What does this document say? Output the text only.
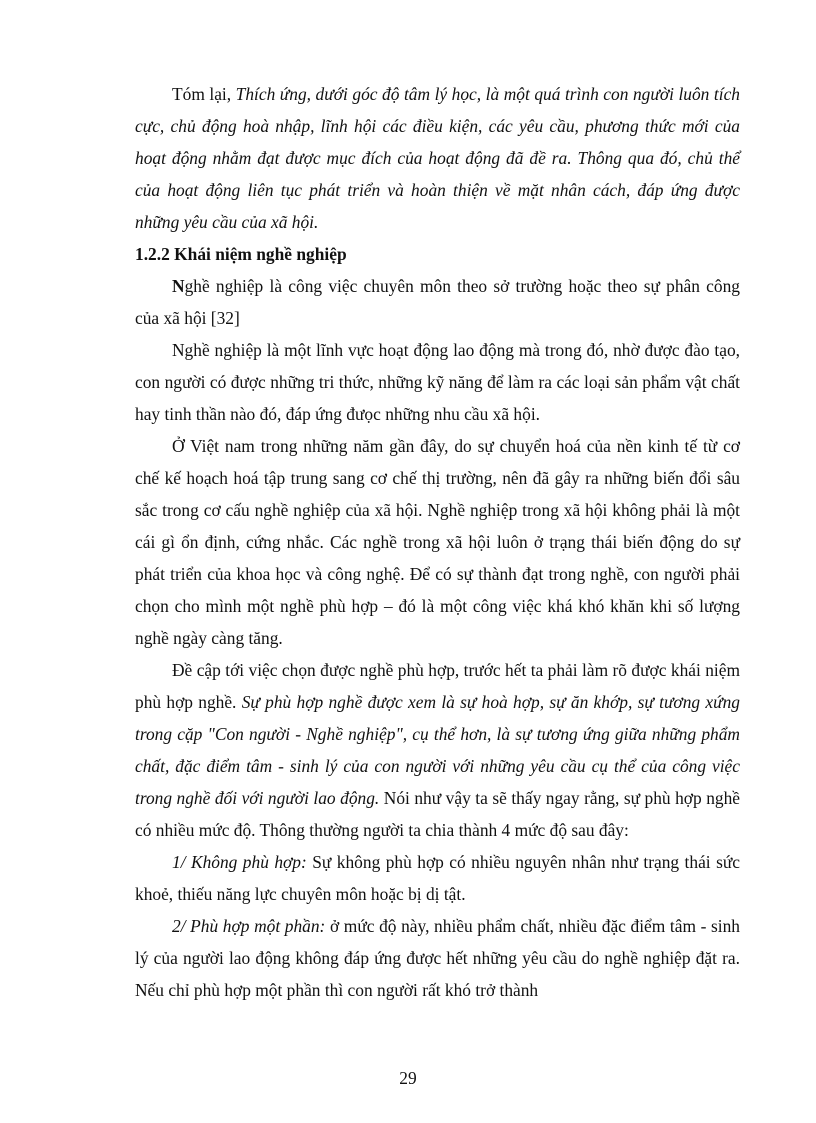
Tóm lại, Thích ứng, dưới góc độ tâm lý học, là một quá trình con người luôn tích cực, chủ động hoà nhập, lĩnh hội các điều kiện, các yêu cầu, phương thức mới của hoạt động nhằm đạt được mục đích của hoạt động đã đề ra. Thông qua đó, chủ thể của hoạt động liên tục phát triển và hoàn thiện về mặt nhân cách, đáp ứng được những yêu cầu của xã hội.

1.2.2 Khái niệm nghề nghiệp

Nghề nghiệp là công việc chuyên môn theo sở trường hoặc theo sự phân công của xã hội [32]

Nghề nghiệp là một lĩnh vực hoạt động lao động mà trong đó, nhờ được đào tạo, con người có được những tri thức, những kỹ năng để làm ra các loại sản phẩm vật chất hay tinh thần nào đó, đáp ứng đưọc những nhu cầu xã hội.

Ở Việt nam trong những năm gần đây, do sự chuyển hoá của nền kinh tế từ cơ chế kế hoạch hoá tập trung sang cơ chế thị trường, nên đã gây ra những biến đổi sâu sắc trong cơ cấu nghề nghiệp của xã hội. Nghề nghiệp trong xã hội không phải là một cái gì ổn định, cứng nhắc. Các nghề trong xã hội luôn ở trạng thái biến động do sự phát triển của khoa học và công nghệ. Để có sự thành đạt trong nghề, con người phải chọn cho mình một nghề phù hợp – đó là một công việc khá khó khăn khi số lượng nghề ngày càng tăng.

Đề cập tới việc chọn được nghề phù hợp, trước hết ta phải làm rõ được khái niệm phù hợp nghề. Sự phù hợp nghề được xem là sự hoà hợp, sự ăn khớp, sự tương xứng trong cặp "Con người - Nghề nghiệp", cụ thể hơn, là sự tương ứng giữa những phẩm chất, đặc điểm tâm - sinh lý của con người với những yêu cầu cụ thể của công việc trong nghề đối với người lao động. Nói như vậy ta sẽ thấy ngay rằng, sự phù hợp nghề có nhiều mức độ. Thông thường người ta chia thành 4 mức độ sau đây:

1/ Không phù hợp: Sự không phù hợp có nhiều nguyên nhân như trạng thái sức khoẻ, thiếu năng lực chuyên môn hoặc bị dị tật.

2/ Phù hợp một phần: ở mức độ này, nhiều phẩm chất, nhiều đặc điểm tâm - sinh lý của người lao động không đáp ứng được hết những yêu cầu do nghề nghiệp đặt ra. Nếu chỉ phù hợp một phần thì con người rất khó trở thành

29
